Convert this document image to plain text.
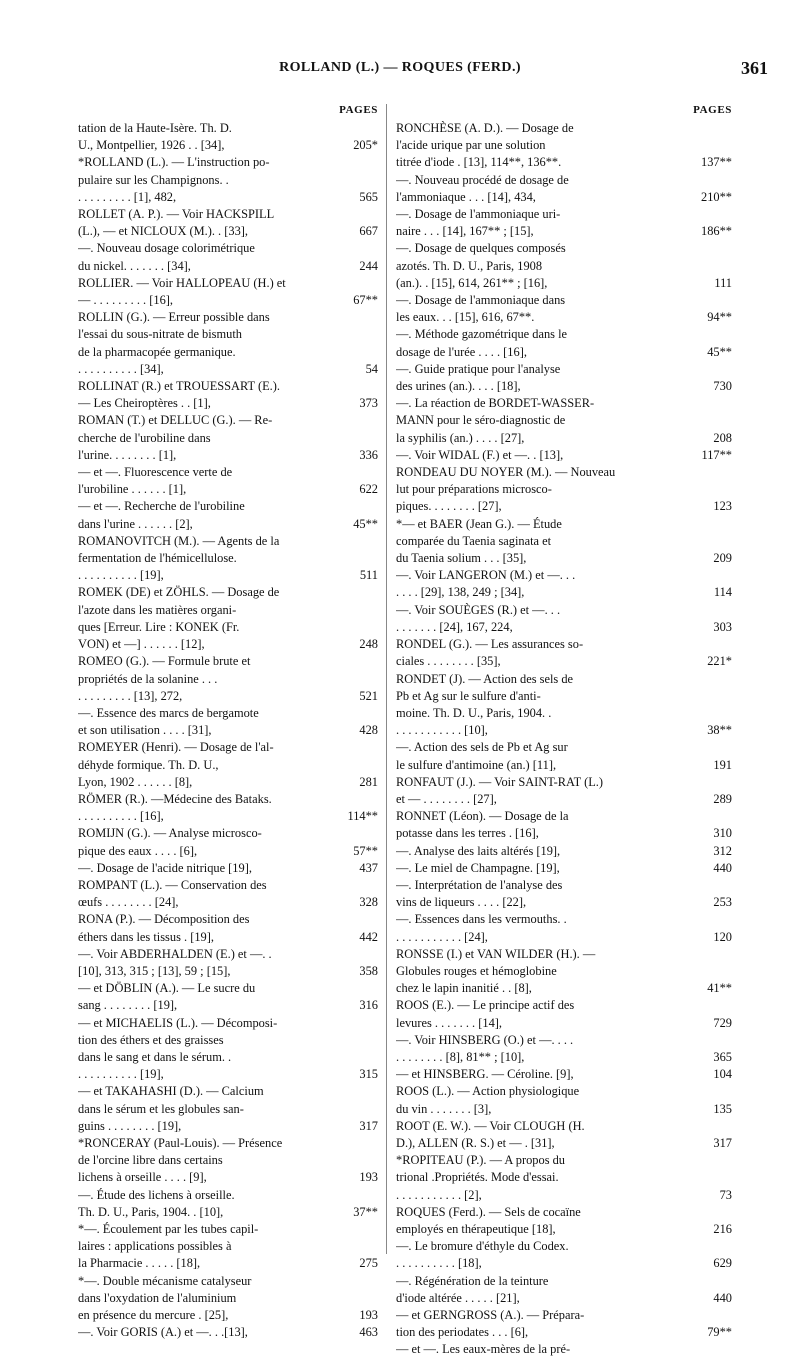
ROLLAND (L.) — ROQUES (FERD.)	361
PAGES
tation de la Haute-Isère. Th. D.
U., Montpellier, 1926 . . [34],	205*
*ROLLAND (L.). — L'instruction po-
pulaire sur les Champignons. .
. . . . . . . . . [1], 482,	565
ROLLET (A. P.). — Voir HACKSPILL
(L.), — et NICLOUX (M.). . [33],	667
—. Nouveau dosage colorimétrique
du nickel. . . . . . . [34],	244
ROLLIER. — Voir HALLOPEAU (H.) et
— . . . . . . . . . [16],	67**
ROLLIN (G.). — Erreur possible dans
l'essai du sous-nitrate de bismuth
de la pharmacopée germanique.
. . . . . . . . . . [34],	54
ROLLINAT (R.) et TROUESSART (E.).
— Les Cheiroptères . . [1],	373
ROMAN (T.) et DELLUC (G.). — Re-
cherche de l'urobiline dans
l'urine. . . . . . . . [1],	336
— et —. Fluorescence verte de
l'urobiline . . . . . . [1],	622
— et —. Recherche de l'urobiline
dans l'urine . . . . . . [2],	45**
ROMANOVITCH (M.). — Agents de la
fermentation de l'hémicellulose.
. . . . . . . . . . [19],	511
ROMEK (DE) et ZÖHLS. — Dosage de
l'azote dans les matières organi-
ques [Erreur. Lire : KONEK (Fr.
VON) et —] . . . . . . [12],	248
ROMEO (G.). — Formule brute et
propriétés de la solanine . . .
. . . . . . . . . [13], 272,	521
—. Essence des marcs de bergamote
et son utilisation . . . . [31],	428
ROMEYER (Henri). — Dosage de l'al-
déhyde formique. Th. D. U.,
Lyon, 1902 . . . . . . [8],	281
RÖMER (R.). —Médecine des Bataks.
. . . . . . . . . . [16],	114**
ROMIJN (G.). — Analyse microsco-
pique des eaux . . . . [6],	57**
—. Dosage de l'acide nitrique [19],	437
ROMPANT (L.). — Conservation des
œufs . . . . . . . . [24],	328
RONA (P.). — Décomposition des
éthers dans les tissus . [19],	442
—. Voir ABDERHALDEN (E.) et —. .
[10], 313, 315 ; [13], 59 ; [15],	358
— et DÖBLIN (A.). — Le sucre du
sang . . . . . . . . [19],	316
— et MICHAELIS (L.). — Décomposi-
tion des éthers et des graisses
dans le sang et dans le sérum. .
. . . . . . . . . . [19],	315
— et TAKAHASHI (D.). — Calcium
dans le sérum et les globules san-
guins . . . . . . . . [19],	317
*RONCERAY (Paul-Louis). — Présence
de l'orcine libre dans certains
lichens à orseille . . . . [9],	193
—. Étude des lichens à orseille.
Th. D. U., Paris, 1904. . [10],	37**
*—. Écoulement par les tubes capil-
laires : applications possibles à
la Pharmacie . . . . . [18],	275
*—. Double mécanisme catalyseur
dans l'oxydation de l'aluminium
en présence du mercure . [25],	193
—. Voir GORIS (A.) et —. . .[13],	463
PAGES
RONCHÈSE (A. D.). — Dosage de
l'acide urique par une solution
titrée d'iode . [13], 114**, 136**.	137**
—. Nouveau procédé de dosage de
l'ammoniaque . . . [14], 434,	210**
—. Dosage de l'ammoniaque uri-
naire . . . [14], 167** ; [15],	186**
—. Dosage de quelques composés
azotés. Th. D. U., Paris, 1908
(an.). . [15], 614, 261** ; [16],	111
—. Dosage de l'ammoniaque dans
les eaux. . . [15], 616, 67**.	94**
—. Méthode gazométrique dans le
dosage de l'urée . . . . [16],	45**
—. Guide pratique pour l'analyse
des urines (an.). . . . [18],	730
—. La réaction de BORDET-WASSER-
MANN pour le séro-diagnostic de
la syphilis (an.) . . . . [27],	208
—. Voir WIDAL (F.) et —. . [13],	117**
RONDEAU DU NOYER (M.). — Nouveau
lut pour préparations microsco-
piques. . . . . . . . [27],	123
*— et BAER (Jean G.). — Étude
comparée du Taenia saginata et
du Taenia solium . . . [35],	209
—. Voir LANGERON (M.) et —. . .
. . . . [29], 138, 249 ; [34],	114
—. Voir SOUÈGES (R.) et —. . .
. . . . . . . [24], 167, 224,	303
RONDEL (G.). — Les assurances so-
ciales . . . . . . . . [35],	221*
RONDET (J). — Action des sels de
Pb et Ag sur le sulfure d'anti-
moine. Th. D. U., Paris, 1904. .
. . . . . . . . . . . [10],	38**
—. Action des sels de Pb et Ag sur
le sulfure d'antimoine (an.) [11],	191
RONFAUT (J.). — Voir SAINT-RAT (L.)
et — . . . . . . . . [27],	289
RONNET (Léon). — Dosage de la
potasse dans les terres . [16],	310
—. Analyse des laits altérés [19],	312
—. Le miel de Champagne. [19],	440
—. Interprétation de l'analyse des
vins de liqueurs . . . . [22],	253
—. Essences dans les vermouths. .
. . . . . . . . . . . [24],	120
RONSSE (I.) et VAN WILDER (H.). —
Globules rouges et hémoglobine
chez le lapin inanitié . . [8],	41**
ROOS (E.). — Le principe actif des
levures . . . . . . . [14],	729
—. Voir HINSBERG (O.) et —. . . .
. . . . . . . . [8], 81** ; [10],	365
— et HINSBERG. — Céroline. [9],	104
ROOS (L.). — Action physiologique
du vin . . . . . . . [3],	135
ROOT (E. W.). — Voir CLOUGH (H.
D.), ALLEN (R. S.) et — . [31],	317
*ROPITEAU (P.). — A propos du
trional .Propriétés. Mode d'essai.
. . . . . . . . . . . [2],	73
ROQUES (Ferd.). — Sels de cocaïne
employés en thérapeutique [18],	216
—. Le bromure d'éthyle du Codex.
. . . . . . . . . . [18],	629
—. Régénération de la teinture
d'iode altérée . . . . . [21],	440
— et GERNGROSS (A.). — Prépara-
tion des periodates . . . [6],	79**
— et —. Les eaux-mères de la pré-
